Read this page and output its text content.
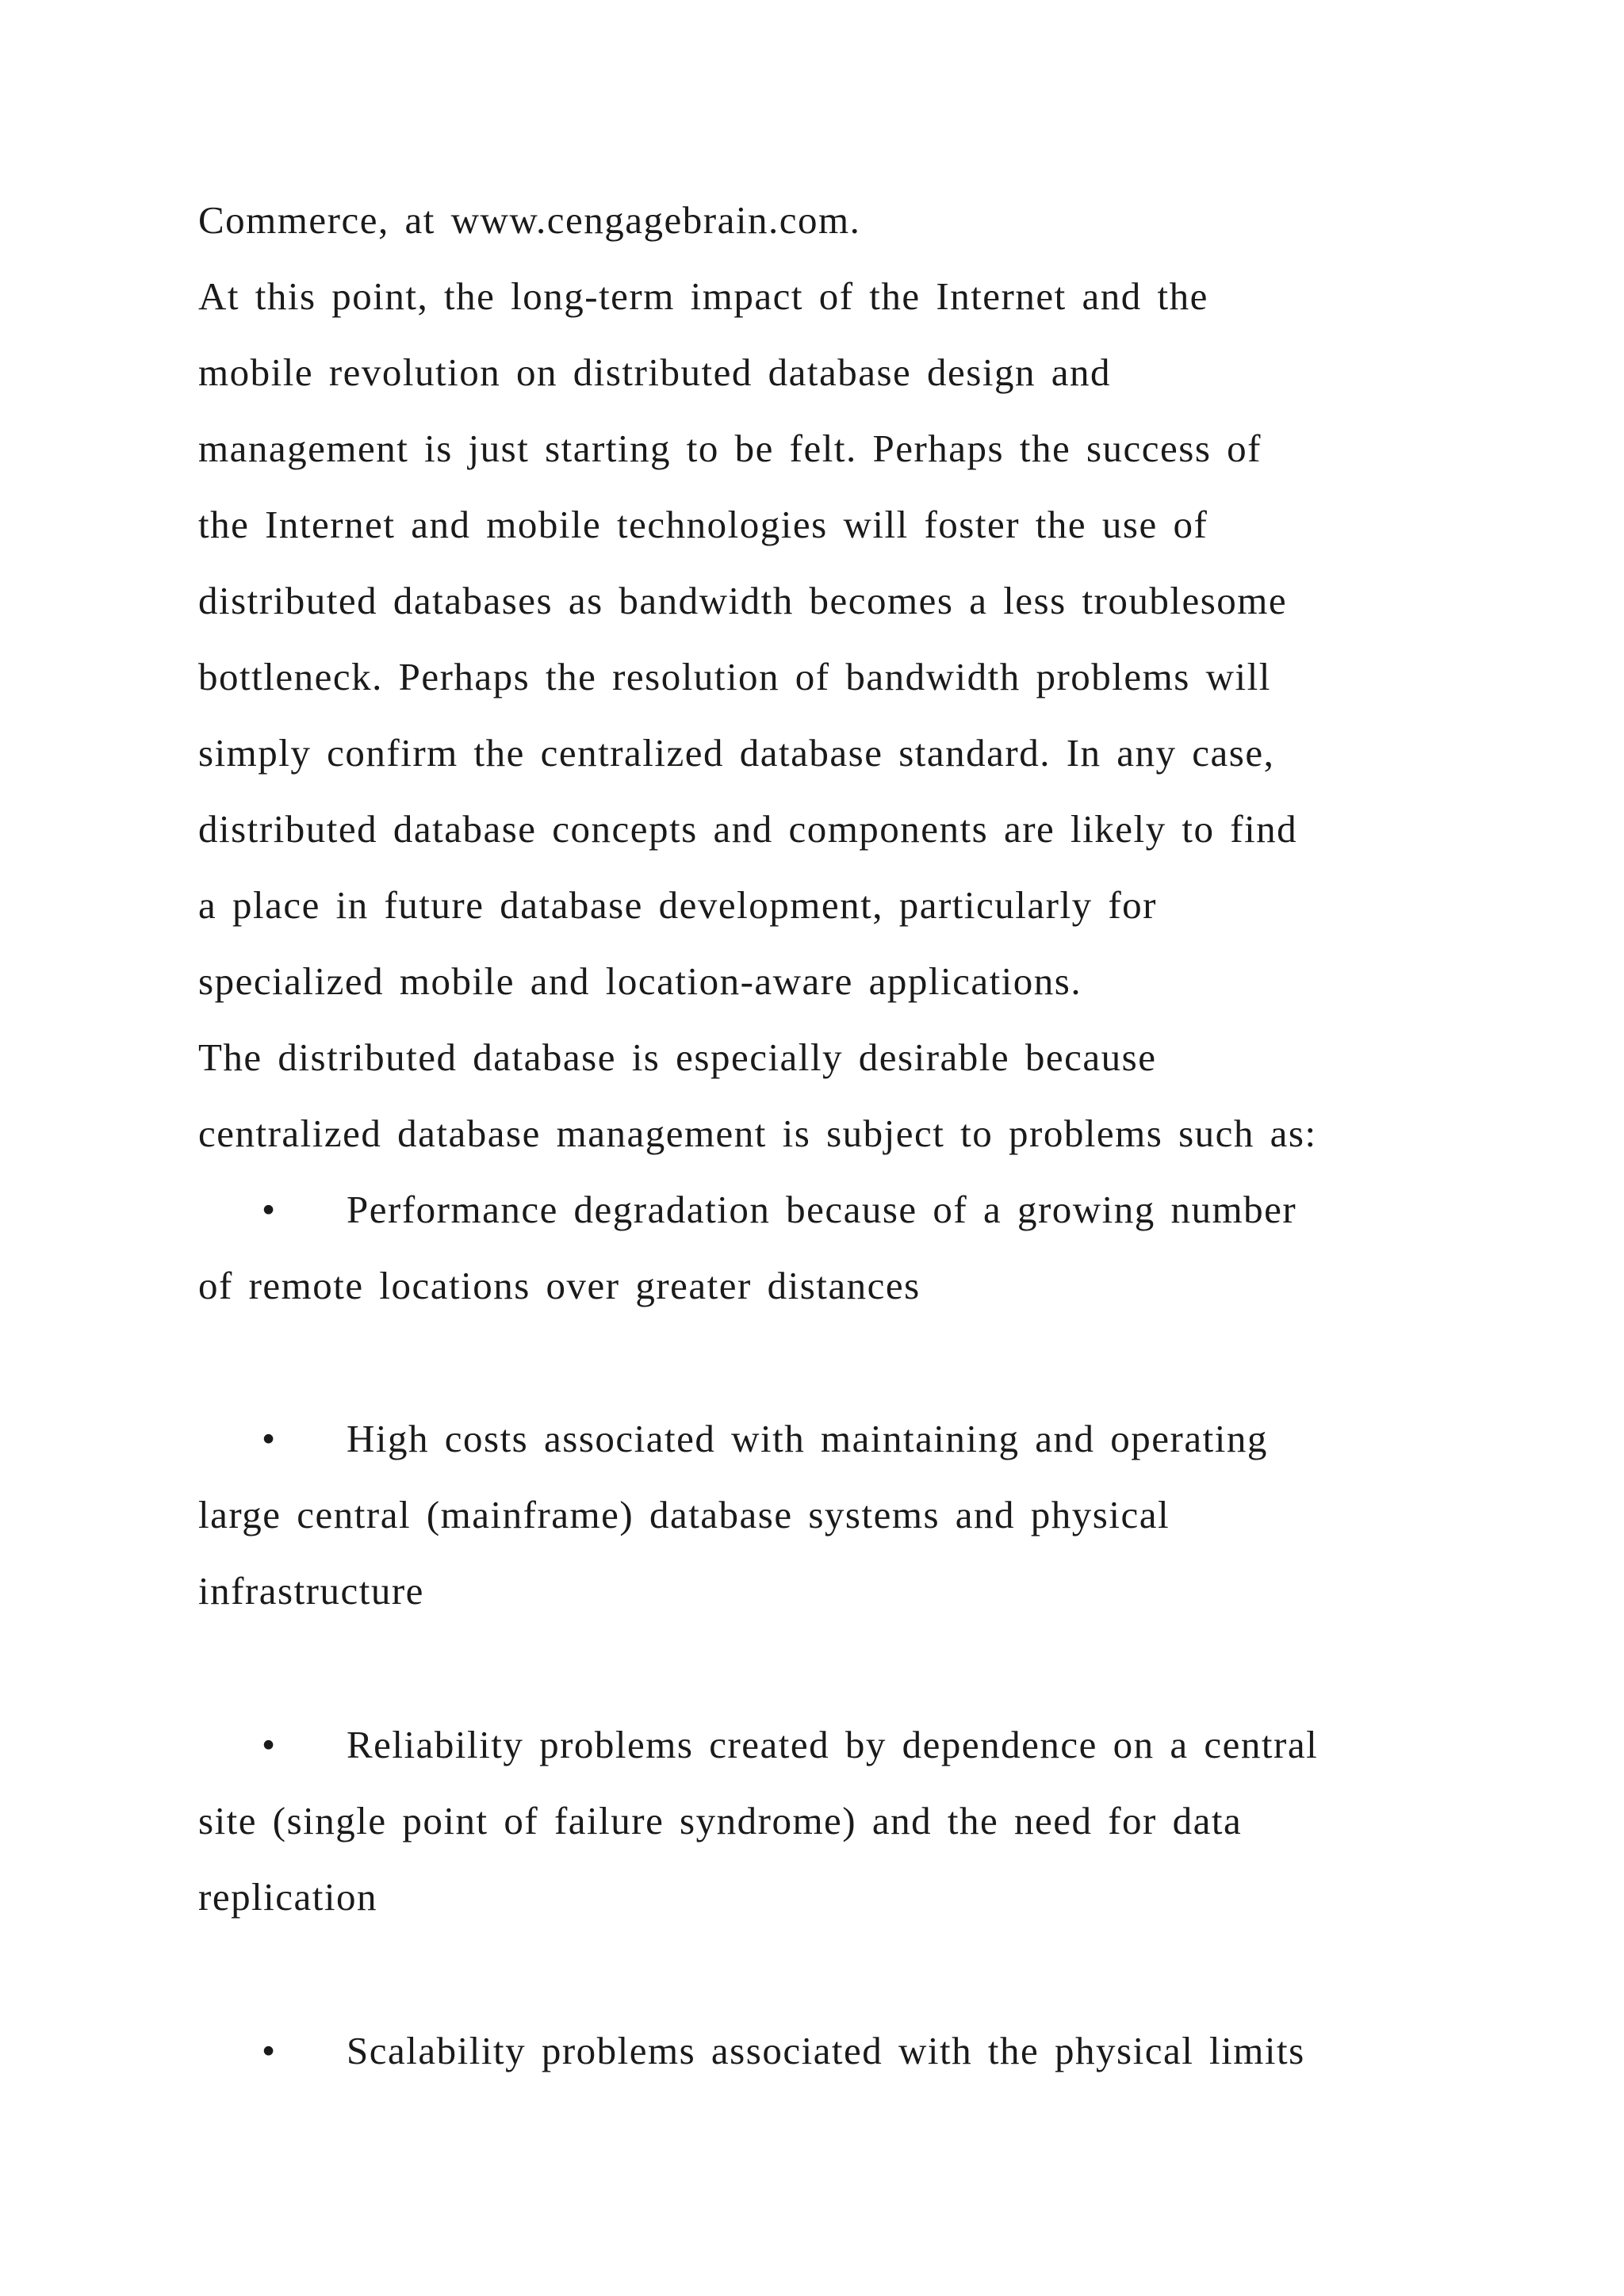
Commerce, at www.cengagebrain.com.
At this point, the long-term impact of the Internet and the
mobile revolution on distributed database design and
management is just starting to be felt. Perhaps the success of
the Internet and mobile technologies will foster the use of
distributed databases as bandwidth becomes a less troublesome
bottleneck. Perhaps the resolution of bandwidth problems will
simply confirm the centralized database standard. In any case,
distributed database concepts and components are likely to find
a place in future database development, particularly for
specialized mobile and location-aware applications.
The distributed database is especially desirable because
centralized database management is subject to problems such as:
• Performance degradation because of a growing number
of remote locations over greater distances
• High costs associated with maintaining and operating
large central (mainframe) database systems and physical
infrastructure
• Reliability problems created by dependence on a central
site (single point of failure syndrome) and the need for data
replication
• Scalability problems associated with the physical limits
